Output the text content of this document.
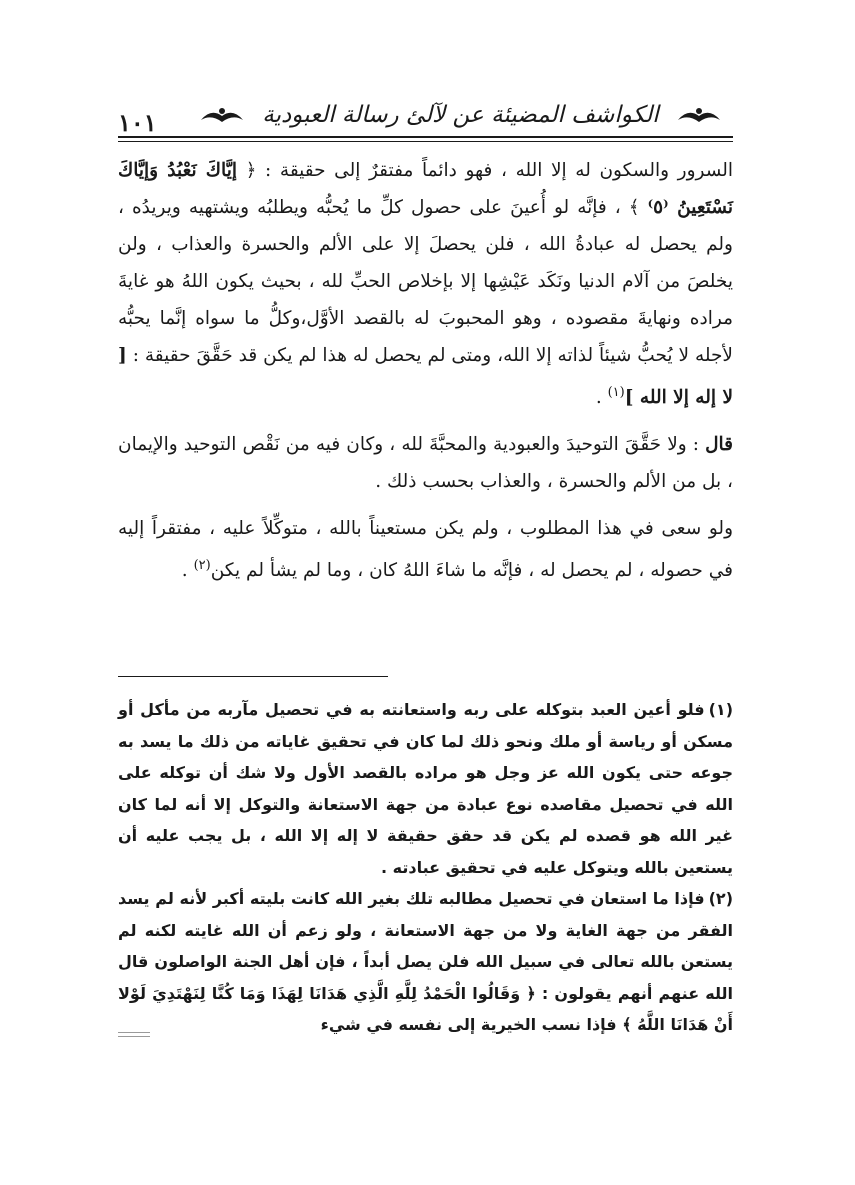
١٠١	الكواشف المضيئة عن لآلئ رسالة العبودية

السرور والسكون له إلا الله ، فهو دائماً مفتقرٌ إلى حقيقة : ﴿ إيَّاكَ نَعْبُدُ وَإيَّاكَ نَسْتَعِينُ ⁽٥⁾ ﴾ ، فإنَّه لو أُعينَ على حصول كلِّ ما يُحبُّه ويطلبُه ويشتهيه ويريدُه ، ولم يحصل له عبادةُ الله ، فلن يحصلَ إلا على الألم والحسرة والعذاب ، ولن يخلصَ من آلام الدنيا ونَكَد عَيْشِها إلا بإخلاص الحبِّ لله ، بحيث يكون اللهُ هو غايةَ مراده ونهايةَ مقصوده ، وهو المحبوبَ له بالقصد الأوَّل،وكلُّ ما سواه إنَّما يحبُّه لأجله لا يُحبُّ شيئاً لذاته إلا الله، ومتى لم يحصل له هذا لم يكن قد حَقَّقَ حقيقة : [ لا إله إلا الله ]$^{(١)}$ .

قال : ولا حَقَّقَ التوحيدَ والعبودية والمحبَّةَ لله ، وكان فيه من نَقْص التوحيد والإيمان ، بل من الألم والحسرة ، والعذاب بحسب ذلك .

ولو سعى في هذا المطلوب ، ولم يكن مستعيناً بالله ، متوكِّلاً عليه ، مفتقراً إليه في حصوله ، لم يحصل له ، فإنَّه ما شاءَ اللهُ كان ، وما لم يشأ لم يكن$^{(٢)}$ .

(١)فلو أعين العبد بتوكله على ربه واستعانته به في تحصيل مآربه من مأكل أو مسكن أو رياسة أو ملك ونحو ذلك لما كان في تحقيق غاياته من ذلك ما يسد به جوعه حتى يكون الله عز وجل هو مراده بالقصد الأول ولا شك أن توكله على الله في تحصيل مقاصده نوع عبادة من جهة الاستعانة والتوكل إلا أنه لما كان غير الله هو قصده لم يكن قد حقق حقيقة لا إله إلا الله ، بل يجب عليه أن يستعين بالله ويتوكل عليه في تحقيق عبادته .

(٢)فإذا ما استعان في تحصيل مطالبه تلك بغير الله كانت بليته أكبر لأنه لم يسد الفقر من جهة الغاية ولا من جهة الاستعانة ، ولو زعم أن الله غايته لكنه لم يستعن بالله تعالى في سبيل الله فلن يصل أبداً ، فإن أهل الجنة الواصلون قال الله عنهم أنهم يقولون : ﴿ وَقَالُوا الْحَمْدُ لِلَّهِ الَّذِي هَدَانَا لِهَذَا وَمَا كُنَّا لِنَهْتَدِيَ لَوْلا أَنْ هَدَانَا اللَّهُ ﴾ فإذا نسب الخيرية إلى نفسه في شيء
